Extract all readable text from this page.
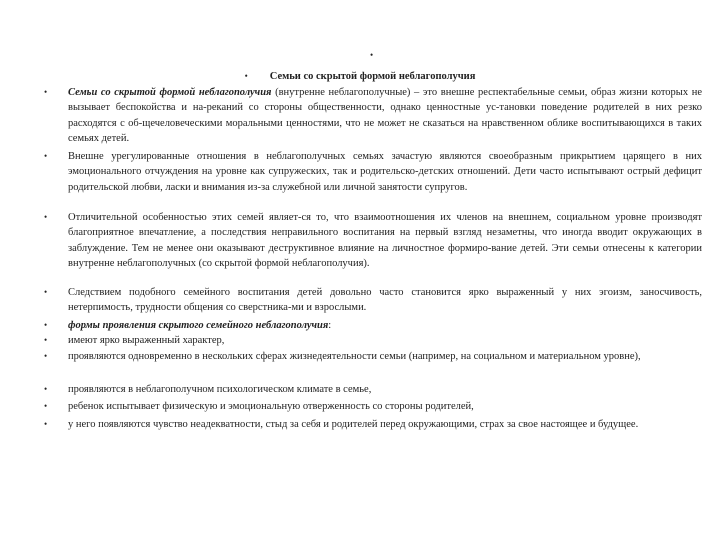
•
• Семьи со скрытой формой неблагополучия
• Семьи со скрытой формой неблагополучия (внутренне неблагополучные) – это внешне респектабельные семьи, образ жизни которых не вызывает беспокойства и на-реканий со стороны общественности, однако ценностные ус-тановки поведение родителей в них резко расходятся с об-щечеловеческими моральными ценностями, что не может не сказаться на нравственном облике воспитывающихся в таких семьях детей.
• Внешне урегулированные отношения в неблагополучных семьях зачастую являются своеобразным прикрытием царящего в них эмоционального отчуждения на уровне как супружеских, так и родительско-детских отношений. Дети часто испытывают острый дефицит родительской любви, ласки и внимания из-за служебной или личной занятости супругов.
• Отличительной особенностью этих семей являет-ся то, что взаимоотношения их членов на внешнем, социальном уровне производят благоприятное впечатление, а последствия неправильного воспитания на первый взгляд незаметны, что иногда вводит окружающих в заблуждение. Тем не менее они оказывают деструктивное влияние на личностное формиро-вание детей. Эти семьи отнесены к категории внутренне неблагополучных (со скрытой формой неблагополучия).
• Следствием подобного семейного воспитания детей довольно часто становится ярко выраженный у них эгоизм, заносчивость, нетерпимость, трудности общения со сверстника-ми и взрослыми.
• формы проявления скрытого семейного неблагополучия:
• имеют ярко выраженный характер,
• проявляются одновременно в нескольких сферах жизнедеятельности семьи (например, на социальном и материальном уровне),
• проявляются в неблагополучном психологическом климате в семье,
• ребенок испытывает физическую и эмоциональную отверженность со стороны родителей,
• у него появляются чувство неадекватности, стыд за себя и родителей перед окружающими, страх за свое настоящее и будущее.
